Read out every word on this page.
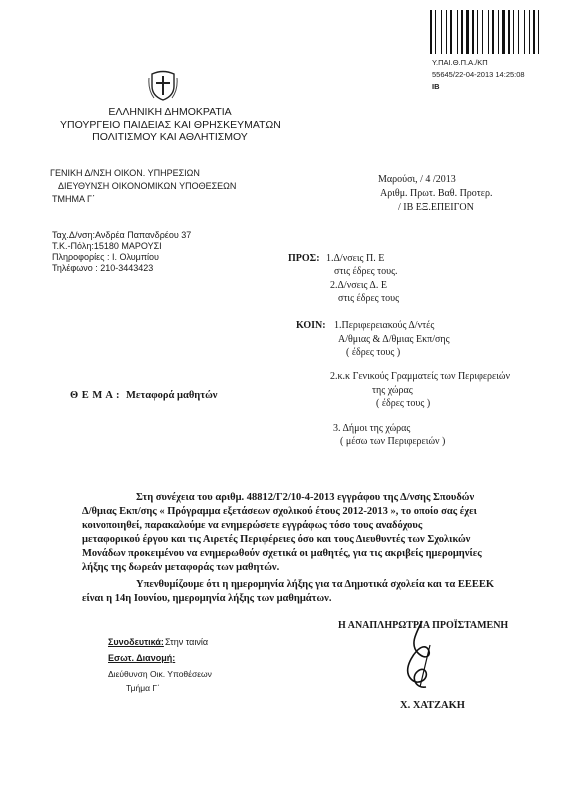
Υ.ΠΑΙ.Θ.Π.Α./ΚΠ
55645/22-04-2013 14:25:08
ΙΒ
ΕΛΛΗΝΙΚΗ ΔΗΜΟΚΡΑΤΙΑ
ΥΠΟΥΡΓΕΙΟ ΠΑΙΔΕΙΑΣ ΚΑΙ ΘΡΗΣΚΕΥΜΑΤΩΝ
ΠΟΛΙΤΙΣΜΟΥ ΚΑΙ ΑΘΛΗΤΙΣΜΟΥ
ΓΕΝΙΚΗ Δ/ΝΣΗ ΟΙΚΟΝ. ΥΠΗΡΕΣΙΩΝ
ΔΙΕΥΘΥΝΣΗ ΟΙΚΟΝΟΜΙΚΩΝ ΥΠΟΘΕΣΕΩΝ
ΤΜΗΜΑ Γ΄
Μαρούσι, / 4 /2013
Αριθμ. Πρωτ. Βαθ. Προτερ.
/ ΙΒ ΕΞ.ΕΠΕΙΓΟΝ
Ταχ.Δ/νση:Ανδρέα Παπανδρέου 37
Τ.Κ.-Πόλη:15180 ΜΑΡΟΥΣΙ
Πληροφορίες : Ι. Ολυμπίου
Τηλέφωνο : 210-3443423
ΠΡΟΣ: 1.Δ/νσεις Π. Ε
στις έδρες τους.
2.Δ/νσεις Δ. Ε
στις έδρες τους
ΚΟΙΝ: 1.Περιφερειακούς Δ/ντές
Α/θμιας & Δ/θμιας Εκπ/σης
( έδρες τους )
2.κ.κ Γενικούς Γραμματείς των Περιφερειών
της χώρας
( έδρες τους )
3. Δήμοι της χώρας
( μέσω των Περιφερειών )
Θ Ε Μ Α : Μεταφορά μαθητών
Στη συνέχεια του αριθμ. 48812/Γ2/10-4-2013 εγγράφου της Δ/νσης Σπουδών
Δ/θμιας Εκπ/σης « Πρόγραμμα εξετάσεων σχολικού έτους 2012-2013 », το οποίο σας έχει
κοινοποιηθεί, παρακαλούμε να ενημερώσετε εγγράφως τόσο τους αναδόχους
μεταφορικού έργου και τις Αιρετές Περιφέρειες όσο και τους Διευθυντές των Σχολικών
Μονάδων προκειμένου να ενημερωθούν σχετικά οι μαθητές, για τις ακριβείς ημερομηνίες
λήξης της δωρεάν μεταφοράς των μαθητών.
Υπενθυμίζουμε ότι η ημερομηνία λήξης για τα Δημοτικά σχολεία και τα ΕΕΕΕΚ
είναι η 14η Ιουνίου, ημερομηνία λήξης των μαθημάτων.
Η ΑΝΑΠΛΗΡΩΤΡΙΑ ΠΡΟΪΣΤΑΜΕΝΗ
Χ. ΧΑΤΖΑΚΗ
Συνοδευτικά: Στην ταινία
Εσωτ. Διανομή:
Διεύθυνση Οικ. Υποθέσεων
Τμήμα Γ΄
